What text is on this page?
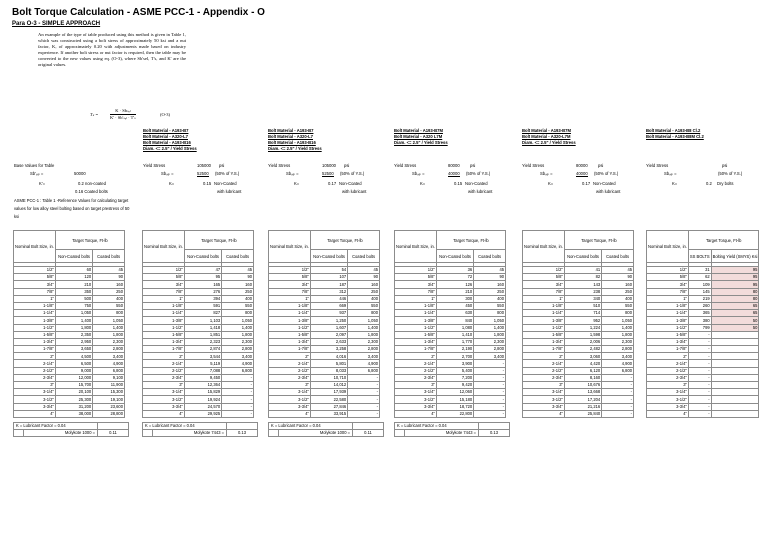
Bolt Torque Calculation - ASME PCC-1 - Appendix - O
Para O-3 - SIMPLE APPROACH
An example of the type of table produced using this method is given in Table 1, which was constructed using a bolt stress of approximately 50 ksi and a nut factor, K, of approximately 0.20 with adjustments made based on industry experience. If another bolt stress or nut factor is required, then the table may be converted to the new values using eq. (O-3), where Sb'sel, T's, and K' are the original values.
Tₛ =
K · Sbₛₑₗ
K' · Sb'ₛₑₗ · T'ₛ
(O-3)
Base Values for Table
Sb'ₛₑₗ =	50000
K'=	0.2 non-coated
0.16 Coated bolts
ASME PCC-1 : Table 1 -Reference Values for calculating target values for low alloy steel bolting based on target prestress of 50 ksi
Bolt Material - A193-B7
Bolt Material - A320-L7
Bolt Material - A193-B16
Diam. <= 2.5" / Yield Stress
Yield Stress	105000 psi
Sbₛₑₗ =	52500 (50% of Y.S.)
K=	0.15 Non-Coated
with lubricant
Bolt Material - A193-B7
Bolt Material - A320-L7
Bolt Material - A193-B16
Diam. <= 2.5" / Yield Stress
Yield Stress	105000 psi
Sbₛₑₗ =	52500 (50% of Y.S.)
K=	0.17 Non-Coated
with lubricant
Bolt Material - A193-B7M
Bolt Material - A320 L7M
Diam. <= 2.5" / Yield Stress
Yield Stress	80000 psi
Sbₛₑₗ =	40000 (50% of Y.S.)
K=	0.15 Non-Coated
with lubricant
Bolt Material - A193-B7M
Bolt Material - A320-L7M
Diam. <= 2.5" / Yield Stress
Yield Stress	80000 psi
Sbₛₑₗ =	40000 (50% of Y.S.)
K=	0.17 Non-Coated
with lubricant
Bolt Material - A193-B8 Cl.2
Bolt Material - A193-B8M Cl.2
Yield Stress	psi
Sbₛₑₗ =	(50% of Y.S.)
K=	0.2 Dry bolts
Nominal Bolt Size, in.	Target Torque, Ft-lb	
	Non-Coated bolts	Coated bolts

1/2"	60	45
5/8"	120	90
3/4"	210	160
7/8"	350	250
1"	500	400
1-1/8"	750	550
1-1/4"	1,050	800
1-3/8"	1,400	1,050
1-1/2"	1,800	1,400
1-5/8"	2,350	1,800
1-3/4"	2,950	2,300
1-7/8"	3,650	2,800
2"	4,500	3,400
2-1/4"	6,500	4,900
2-1/2"	9,000	6,800
2-3/4"	12,000	9,100
3"	15,700	11,900
3-1/4"	20,100	15,300
3-1/2"	25,300	19,100
3-3/4"	31,200	23,600
4"	38,000	28,800
Nominal Bolt Size, in.	Target Torque, Ft-lb	
	Non-Coated bolts	Coated bolts

1/2"	47	45
5/8"	95	90
3/4"	165	160
7/8"	276	250
1"	394	400
1-1/8"	591	550
1-1/4"	827	800
1-3/8"	1,103	1,050
1-1/2"	1,418	1,400
1-5/8"	1,851	1,800
1-3/4"	2,323	2,300
1-7/8"	2,874	2,800
2"	3,544	3,400
2-1/4"	5,119	4,900
2-1/2"	7,088	6,800
2-3/4"	9,450	-
3"	12,364	-
3-1/4"	15,829	-
3-1/2"	19,924	-
3-3/4"	24,570	-
4"	29,925	-
Nominal Bolt Size, in.	Target Torque, Ft-lb	
	Non-Coated bolts	Coated bolts

1/2"	54	45
5/8"	107	90
3/4"	187	160
7/8"	312	250
1"	446	400
1-1/8"	669	550
1-1/4"	937	800
1-3/8"	1,250	1,050
1-1/2"	1,607	1,400
1-5/8"	2,097	1,800
1-3/4"	2,633	2,300
1-7/8"	3,258	2,800
2"	4,016	3,400
2-1/4"	5,801	4,900
2-1/2"	8,033	6,800
2-3/4"	10,710	-
3"	14,012	-
3-1/4"	17,939	-
3-1/2"	22,580	-
3-3/4"	27,846	-
4"	33,915	-
Nominal Bolt Size, in.	Target Torque, Ft-lb	
	Non-Coated bolts	Coated bolts

1/2"	36	45
5/8"	72	90
3/4"	126	160
7/8"	210	250
1"	300	400
1-1/8"	450	550
1-1/4"	630	800
1-3/8"	840	1,050
1-1/2"	1,080	1,400
1-5/8"	1,410	1,800
1-3/4"	1,770	2,300
1-7/8"	2,190	2,800
2"	2,700	3,400
2-1/4"	3,900	-
2-1/2"	5,400	-
2-3/4"	7,200	-
3"	9,420	-
3-1/4"	12,060	-
3-1/2"	15,180	-
3-3/4"	18,720	-
4"	22,800	-
Nominal Bolt Size, in.	Target Torque, Ft-lb	
	Non-Coated bolts	Coated bolts

1/2"	41	45
5/8"	82	90
3/4"	143	160
7/8"	238	250
1"	340	400
1-1/8"	510	550
1-1/4"	714	800
1-3/8"	952	1,050
1-1/2"	1,224	1,400
1-5/8"	1,598	1,800
1-3/4"	2,006	2,300
1-7/8"	2,482	2,800
2"	3,060	3,400
2-1/4"	4,420	4,900
2-1/2"	6,120	6,800
2-3/4"	8,160	-
3"	10,676	-
3-1/4"	13,668	-
3-1/2"	17,204	-
3-3/4"	21,216	-
4"	25,840	-
Nominal Bolt Size, in.	Target Torque, Ft-lb	
	SS BOLTS	Bolting Yield (SMYS) Ksi

1/2"	31	95
5/8"	62	95
3/4"	109	95
7/8"	145	80
1"	219	80
1-1/8"	260	65
1-1/4"	365	65
1-3/8"	380	50
1-1/2"	799	50
1-5/8"	-	
1-3/4"	-	
1-7/8"	-	
2"	-	
2-1/4"	-	
2-1/2"	-	
2-3/4"	-	
3"	-	
3-1/4"	-	
3-1/2"	-	
3-3/4"	-	
4"	-	
K = Lubricant Factor = 0.04		
	Molykote 1000 =	0.11
K = Lubricant Factor = 0.04		
	Molykote 7443 =	0.13
K = Lubricant Factor = 0.04		
	Molykote 1000 =	0.11
K = Lubricant Factor = 0.04		
	Molykote 7443 =	0.13
